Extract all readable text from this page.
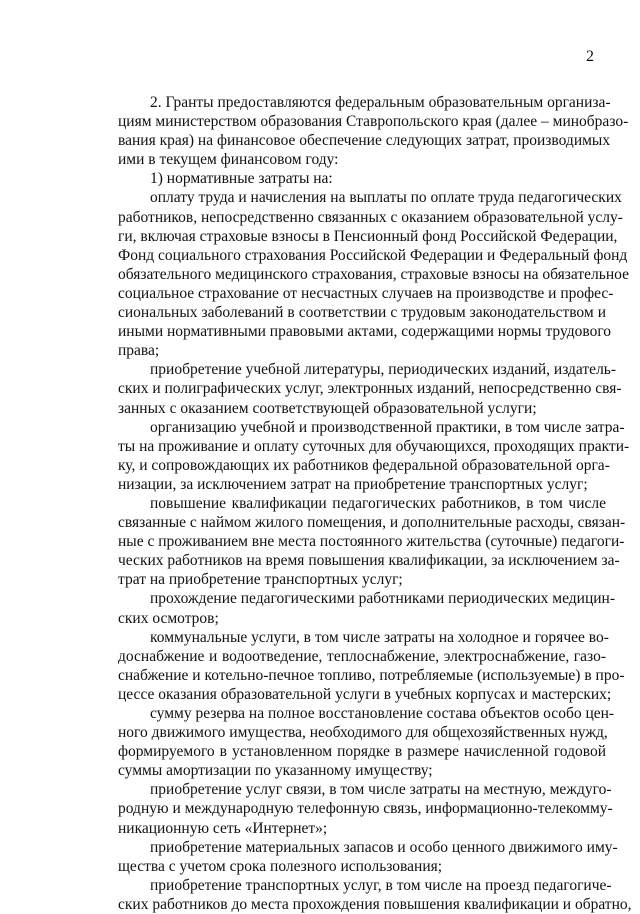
2
2. Гранты предоставляются федеральным образовательным организа-
циям министерством образования Ставропольского края (далее – минобразо-
вания края) на финансовое обеспечение следующих затрат, производимых
ими в текущем финансовом году:
1) нормативные затраты на:
оплату труда и начисления на выплаты по оплате труда педагогических
работников, непосредственно связанных с оказанием образовательной услу-
ги, включая страховые взносы в Пенсионный фонд Российской Федерации,
Фонд социального страхования Российской Федерации и Федеральный фонд
обязательного медицинского страхования, страховые взносы на обязательное
социальное страхование от несчастных случаев на производстве и профес-
сиональных заболеваний в соответствии с трудовым законодательством и
иными нормативными правовыми актами, содержащими нормы трудового
права;
приобретение учебной литературы, периодических изданий, издатель-
ских и полиграфических услуг, электронных изданий, непосредственно свя-
занных с оказанием соответствующей образовательной услуги;
организацию учебной и производственной практики, в том числе затра-
ты на проживание и оплату суточных для обучающихся, проходящих практи-
ку, и сопровождающих их работников федеральной образовательной орга-
низации, за исключением затрат на приобретение транспортных услуг;
повышение квалификации педагогических работников, в том числе
связанные с наймом жилого помещения, и дополнительные расходы, связан-
ные с проживанием вне места постоянного жительства (суточные) педагоги-
ческих работников на время повышения квалификации, за исключением за-
трат на приобретение транспортных услуг;
прохождение педагогическими работниками периодических медицин-
ских осмотров;
коммунальные услуги, в том числе затраты на холодное и горячее во-
доснабжение и водоотведение, теплоснабжение, электроснабжение, газо-
снабжение и котельно-печное топливо, потребляемые (используемые) в про-
цессе оказания образовательной услуги в учебных корпусах и мастерских;
сумму резерва на полное восстановление состава объектов особо цен-
ного движимого имущества, необходимого для общехозяйственных нужд,
формируемого в установленном порядке в размере начисленной годовой
суммы амортизации по указанному имуществу;
приобретение услуг связи, в том числе затраты на местную, междуго-
родную и международную телефонную связь, информационно-телекомму-
никационную сеть «Интернет»;
приобретение материальных запасов и особо ценного движимого иму-
щества с учетом срока полезного использования;
приобретение транспортных услуг, в том числе на проезд педагогиче-
ских работников до места прохождения повышения квалификации и обратно,
